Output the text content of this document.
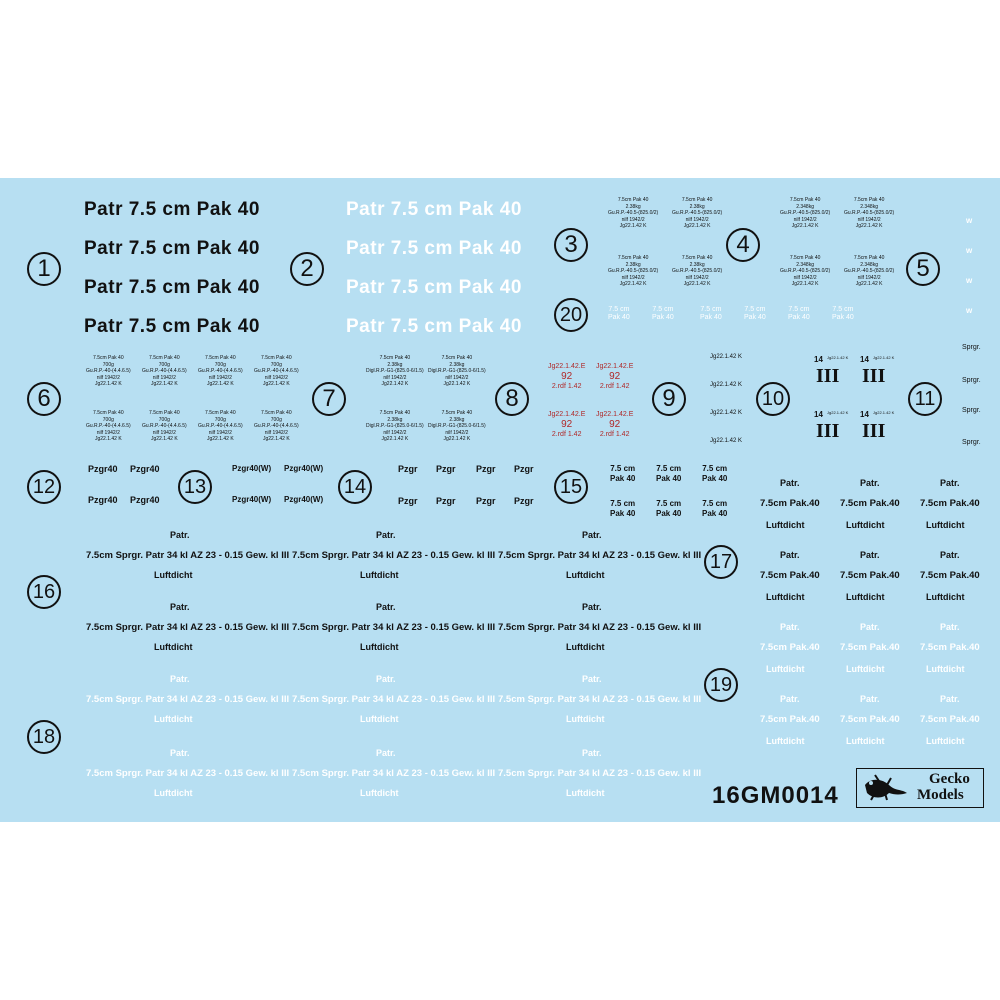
1	2
3	4
5
6	7	8	9	10	11
12	13	14	15
16
17
18
19
20
Patr 7.5 cm Pak 40	Patr 7.5 cm Pak 40
Patr 7.5 cm Pak 40	Patr 7.5 cm Pak 40
Patr 7.5 cm Pak 40	Patr 7.5 cm Pak 40
Patr 7.5 cm Pak 40	Patr 7.5 cm Pak 40
7.5cm Pak 40
2.38kg
Gu.R.P.-40.5-(825.0/2)
nilf 1942/2
Jg22.1.42 K
7.5cm Pak 40
2.38kg
Gu.R.P.-40.5-(825.0/2)
nilf 1942/2
Jg22.1.42 K
7.5cm Pak 40
2.38kg
Gu.R.P.-40.5-(825.0/2)
nilf 1942/2
Jg22.1.42 K
7.5cm Pak 40
2.38kg
Gu.R.P.-40.5-(825.0/2)
nilf 1942/2
Jg22.1.42 K
7.5cm Pak 40
2.348kg
Gu.R.P.-40.5-(825.0/2)
nilf 1942/2
Jg22.1.42 K
7.5cm Pak 40
2.348kg
Gu.R.P.-40.5-(825.0/2)
nilf 1942/2
Jg22.1.42 K
7.5cm Pak 40
2.348kg
Gu.R.P.-40.5-(825.0/2)
nilf 1942/2
Jg22.1.42 K
7.5cm Pak 40
2.348kg
Gu.R.P.-40.5-(825.0/2)
nilf 1942/2
Jg22.1.42 K
w
w
w
w
7.5 cm
Pak 40
7.5 cm
Pak 40
7.5 cm
Pak 40
7.5 cm
Pak 40
7.5 cm
Pak 40
7.5 cm
Pak 40
7.5cm Pak 40
700g
Gu.R.P.-40-(4.4.6.5)
nilf 1942/2
Jg22.1.42 K
7.5cm Pak 40
700g
Gu.R.P.-40-(4.4.6.5)
nilf 1942/2
Jg22.1.42 K
7.5cm Pak 40
700g
Gu.R.P.-40-(4.4.6.5)
nilf 1942/2
Jg22.1.42 K
7.5cm Pak 40
700g
Gu.R.P.-40-(4.4.6.5)
nilf 1942/2
Jg22.1.42 K
7.5cm Pak 40
700g
Gu.R.P.-40-(4.4.6.5)
nilf 1942/2
Jg22.1.42 K
7.5cm Pak 40
700g
Gu.R.P.-40-(4.4.6.5)
nilf 1942/2
Jg22.1.42 K
7.5cm Pak 40
700g
Gu.R.P.-40-(4.4.6.5)
nilf 1942/2
Jg22.1.42 K
7.5cm Pak 40
700g
Gu.R.P.-40-(4.4.6.5)
nilf 1942/2
Jg22.1.42 K
7.5cm Pak 40
2.38kg
Digl.R.P.-G1-(825.0-6/1.5)
nilf 1942/2
Jg22.1.42 K
7.5cm Pak 40
2.38kg
Digl.R.P.-G1-(825.0-6/1.5)
nilf 1942/2
Jg22.1.42 K
7.5cm Pak 40
2.38kg
Digl.R.P.-G1-(825.0-6/1.5)
nilf 1942/2
Jg22.1.42 K
7.5cm Pak 40
2.38kg
Digl.R.P.-G1-(825.0-6/1.5)
nilf 1942/2
Jg22.1.42 K
Jg22.1.42.E
92
2.rdf 1.42
Jg22.1.42.E
92
2.rdf 1.42
Jg22.1.42.E
92
2.rdf 1.42
Jg22.1.42.E
92
2.rdf 1.42
Jg22.1.42 K
Jg22.1.42 K
Jg22.1.42 K
Jg22.1.42 K
14 Jg22.1.42 K
III
14 Jg22.1.42 K
III
14 Jg22.1.42 K
III
14 Jg22.1.42 K
III
Sprgr.
Sprgr.
Sprgr.
Sprgr.
Pzgr40 Pzgr40
Pzgr40 Pzgr40
Pzgr40(W) Pzgr40(W)
Pzgr40(W) Pzgr40(W)
Pzgr
Pzgr
Pzgr
Pzgr
Pzgr
Pzgr
Pzgr
Pzgr
7.5 cm
Pak 40
7.5 cm
Pak 40
7.5 cm
Pak 40
7.5 cm
Pak 40
7.5 cm
Pak 40
7.5 cm
Pak 40
Patr.
7.5cm Sprgr. Patr 34 kl AZ 23 - 0.15 Gew. kl III
Luftdicht
Patr.
7.5cm Sprgr. Patr 34 kl AZ 23 - 0.15 Gew. kl III
Luftdicht
Patr.
7.5cm Sprgr. Patr 34 kl AZ 23 - 0.15 Gew. kl III
Luftdicht
Patr.
7.5cm Sprgr. Patr 34 kl AZ 23 - 0.15 Gew. kl III
Luftdicht
Patr.
7.5cm Sprgr. Patr 34 kl AZ 23 - 0.15 Gew. kl III
Luftdicht
Patr.
7.5cm Sprgr. Patr 34 kl AZ 23 - 0.15 Gew. kl III
Luftdicht
Patr.
7.5cm Sprgr. Patr 34 kl AZ 23 - 0.15 Gew. kl III
Luftdicht
Patr.
7.5cm Sprgr. Patr 34 kl AZ 23 - 0.15 Gew. kl III
Luftdicht
Patr.
7.5cm Sprgr. Patr 34 kl AZ 23 - 0.15 Gew. kl III
Luftdicht
Patr.
7.5cm Sprgr. Patr 34 kl AZ 23 - 0.15 Gew. kl III
Luftdicht
Patr.
7.5cm Sprgr. Patr 34 kl AZ 23 - 0.15 Gew. kl III
Luftdicht
Patr.
7.5cm Sprgr. Patr 34 kl AZ 23 - 0.15 Gew. kl III
Luftdicht
Patr.
7.5cm Pak.40
Luftdicht
Patr.
7.5cm Pak.40
Luftdicht
Patr.
7.5cm Pak.40
Luftdicht
Patr.
7.5cm Pak.40
Luftdicht
Patr.
7.5cm Pak.40
Luftdicht
Patr.
7.5cm Pak.40
Luftdicht
Patr.
7.5cm Pak.40
Luftdicht
Patr.
7.5cm Pak.40
Luftdicht
Patr.
7.5cm Pak.40
Luftdicht
Patr.
7.5cm Pak.40
Luftdicht
Patr.
7.5cm Pak.40
Luftdicht
Patr.
7.5cm Pak.40
Luftdicht
16GM0014
Gecko
Models
